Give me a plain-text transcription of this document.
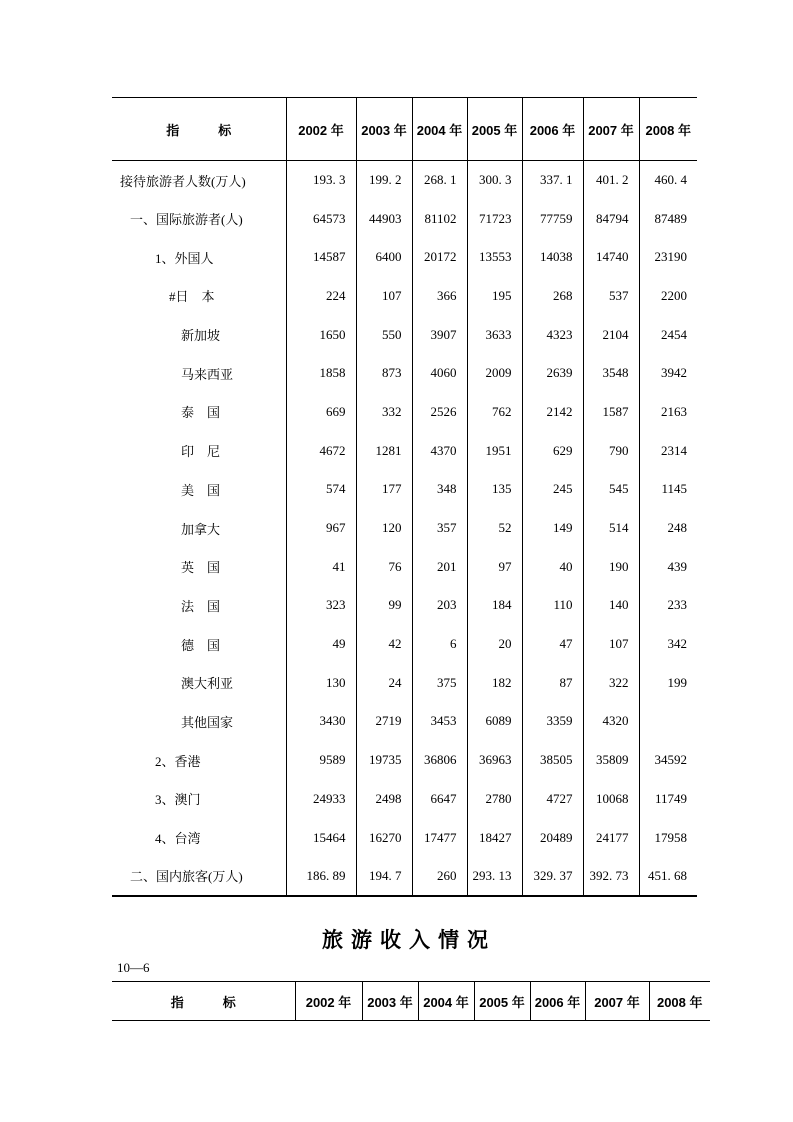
指　　　标	2002 年	2003 年	2004 年	2005 年	2006 年	2007 年	2008 年
接待旅游者人数(万人)	193. 3	199. 2	268. 1	300. 3	337. 1	401. 2	460. 4
一、国际旅游者(人)	64573	44903	81102	71723	77759	84794	87489
1、外国人	14587	6400	20172	13553	14038	14740	23190
#日　本	224	107	366	195	268	537	2200
新加坡	1650	550	3907	3633	4323	2104	2454
马来西亚	1858	873	4060	2009	2639	3548	3942
泰　国	669	332	2526	762	2142	1587	2163
印　尼	4672	1281	4370	1951	629	790	2314
美　国	574	177	348	135	245	545	1145
加拿大	967	120	357	52	149	514	248
英　国	41	76	201	97	40	190	439
法　国	323	99	203	184	110	140	233
德　国	49	42	6	20	47	107	342
澳大利亚	130	24	375	182	87	322	199
其他国家	3430	2719	3453	6089	3359	4320	
2、香港	9589	19735	36806	36963	38505	35809	34592
3、澳门	24933	2498	6647	2780	4727	10068	11749
4、台湾	15464	16270	17477	18427	20489	24177	17958
二、国内旅客(万人)	186. 89	194. 7	260	293. 13	329. 37	392. 73	451. 68
旅游收入情况
10—6
指　　　标	2002 年	2003 年	2004 年	2005 年	2006 年	2007 年	2008 年
